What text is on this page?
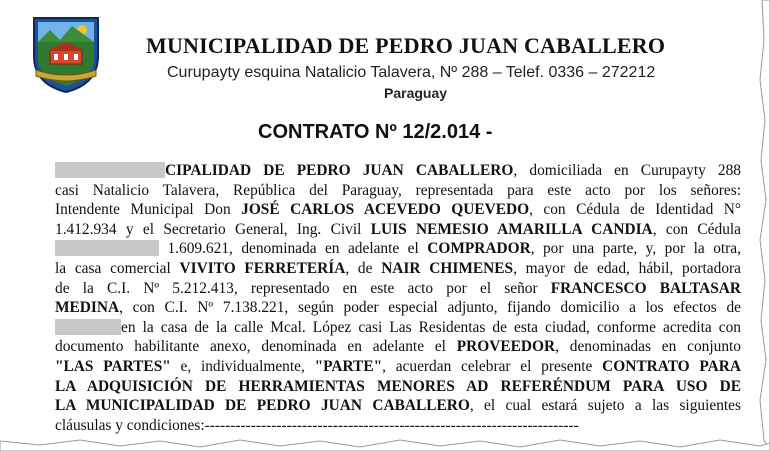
MUNICIPALIDAD DE PEDRO JUAN CABALLERO
Curupayty esquina Natalicio Talavera, Nº 288 – Telef. 0336 – 272212
Paraguay
CONTRATO Nº 12/2.014 -
CIPALIDAD DE PEDRO JUAN CABALLERO, domiciliada en Curupayty 288
casi Natalicio Talavera, República del Paraguay, representada para este acto por los señores:
Intendente Municipal Don JOSÉ CARLOS ACEVEDO QUEVEDO, con Cédula de Identidad N°
1.412.934 y el Secretario General, Ing. Civil LUIS NEMESIO AMARILLA CANDIA, con Cédula
1.609.621, denominada en adelante el COMPRADOR, por una parte, y, por la otra,
la casa comercial VIVITO FERRETERÍA, de NAIR CHIMENES, mayor de edad, hábil, portadora
de la C.I. Nº 5.212.413, representado en este acto por el señor FRANCESCO BALTASAR
MEDINA, con C.I. Nº 7.138.221, según poder especial adjunto, fijando domicilio a los efectos de
en la casa de la calle Mcal. López casi Las Residentas de esta ciudad, conforme acredita con
documento habilitante anexo, denominada en adelante el PROVEEDOR, denominadas en conjunto
"LAS PARTES" e, individualmente, "PARTE", acuerdan celebrar el presente CONTRATO PARA
LA ADQUISICIÓN DE HERRAMIENTAS MENORES AD REFERÉNDUM PARA USO DE
LA MUNICIPALIDAD DE PEDRO JUAN CABALLERO, el cual estará sujeto a las siguientes
cláusulas y condiciones:-------------------------------------------------------------------------
